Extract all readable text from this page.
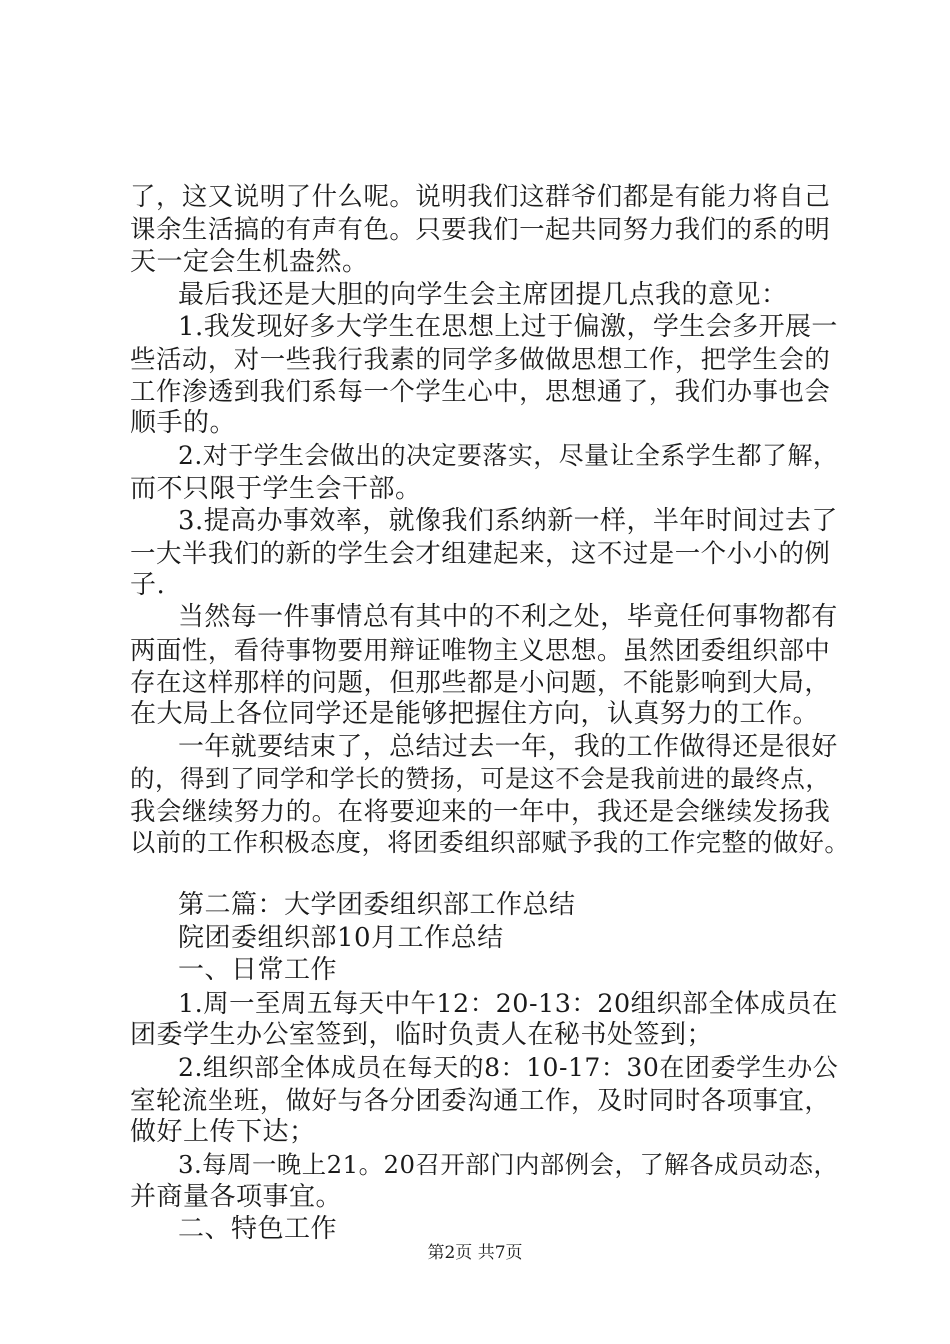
了，这又说明了什么呢。说明我们这群爷们都是有能力将自己
课余生活搞的有声有色。只要我们一起共同努力我们的系的明
天一定会生机盎然。
最后我还是大胆的向学生会主席团提几点我的意见：
1.我发现好多大学生在思想上过于偏激，学生会多开展一
些活动，对一些我行我素的同学多做做思想工作，把学生会的
工作渗透到我们系每一个学生心中，思想通了，我们办事也会
顺手的。
2.对于学生会做出的决定要落实，尽量让全系学生都了解，
而不只限于学生会干部。
3.提高办事效率，就像我们系纳新一样，半年时间过去了
一大半我们的新的学生会才组建起来，这不过是一个小小的例
子.
当然每一件事情总有其中的不利之处，毕竟任何事物都有
两面性，看待事物要用辩证唯物主义思想。虽然团委组织部中
存在这样那样的问题，但那些都是小问题，不能影响到大局，
在大局上各位同学还是能够把握住方向，认真努力的工作。
一年就要结束了，总结过去一年，我的工作做得还是很好
的，得到了同学和学长的赞扬，可是这不会是我前进的最终点，
我会继续努力的。在将要迎来的一年中，我还是会继续发扬我
以前的工作积极态度，将团委组织部赋予我的工作完整的做好。
第二篇：大学团委组织部工作总结
院团委组织部10月工作总结
一、日常工作
1.周一至周五每天中午12：20-13：20组织部全体成员在
团委学生办公室签到，临时负责人在秘书处签到；
2.组织部全体成员在每天的8：10-17：30在团委学生办公
室轮流坐班，做好与各分团委沟通工作，及时同时各项事宜，
做好上传下达；
3.每周一晚上21。20召开部门内部例会，了解各成员动态，
并商量各项事宜。
二、特色工作
第2页 共7页
